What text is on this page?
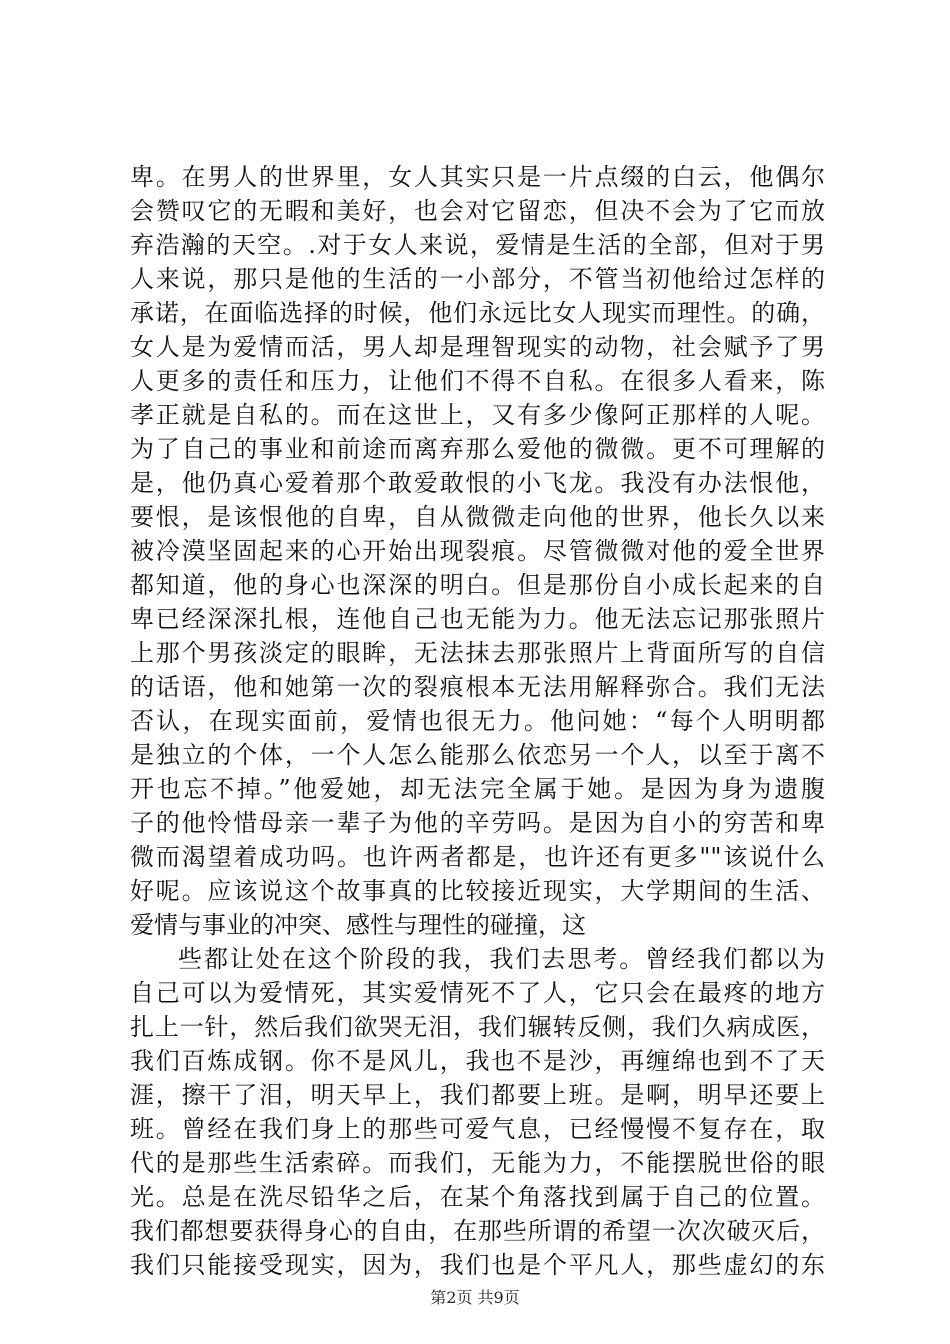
卑。在男人的世界里，女人其实只是一片点缀的白云，他偶尔
会赞叹它的无暇和美好，也会对它留恋，但决不会为了它而放
弃浩瀚的天空。.对于女人来说，爱情是生活的全部，但对于男
人来说，那只是他的生活的一小部分，不管当初他给过怎样的
承诺，在面临选择的时候，他们永远比女人现实而理性。的确，
女人是为爱情而活，男人却是理智现实的动物，社会赋予了男
人更多的责任和压力，让他们不得不自私。在很多人看来，陈
孝正就是自私的。而在这世上，又有多少像阿正那样的人呢。
为了自己的事业和前途而离弃那么爱他的微微。更不可理解的
是，他仍真心爱着那个敢爱敢恨的小飞龙。我没有办法恨他，
要恨，是该恨他的自卑，自从微微走向他的世界，他长久以来
被冷漠坚固起来的心开始出现裂痕。尽管微微对他的爱全世界
都知道，他的身心也深深的明白。但是那份自小成长起来的自
卑已经深深扎根，连他自己也无能为力。他无法忘记那张照片
上那个男孩淡定的眼眸，无法抹去那张照片上背面所写的自信
的话语，他和她第一次的裂痕根本无法用解释弥合。我们无法
否认，在现实面前，爱情也很无力。他问她：“每个人明明都
是独立的个体，一个人怎么能那么依恋另一个人，以至于离不
开也忘不掉。”他爱她，却无法完全属于她。是因为身为遗腹
子的他怜惜母亲一辈子为他的辛劳吗。是因为自小的穷苦和卑
微而渴望着成功吗。也许两者都是，也许还有更多""该说什么
好呢。应该说这个故事真的比较接近现实，大学期间的生活、
爱情与事业的冲突、感性与理性的碰撞，这
些都让处在这个阶段的我，我们去思考。曾经我们都以为
自己可以为爱情死，其实爱情死不了人，它只会在最疼的地方
扎上一针，然后我们欲哭无泪，我们辗转反侧，我们久病成医，
我们百炼成钢。你不是风儿，我也不是沙，再缠绵也到不了天
涯，擦干了泪，明天早上，我们都要上班。是啊，明早还要上
班。曾经在我们身上的那些可爱气息，已经慢慢不复存在，取
代的是那些生活索碎。而我们，无能为力，不能摆脱世俗的眼
光。总是在洗尽铅华之后，在某个角落找到属于自己的位置。
我们都想要获得身心的自由，在那些所谓的希望一次次破灭后，
我们只能接受现实，因为，我们也是个平凡人，那些虚幻的东
第2页 共9页
